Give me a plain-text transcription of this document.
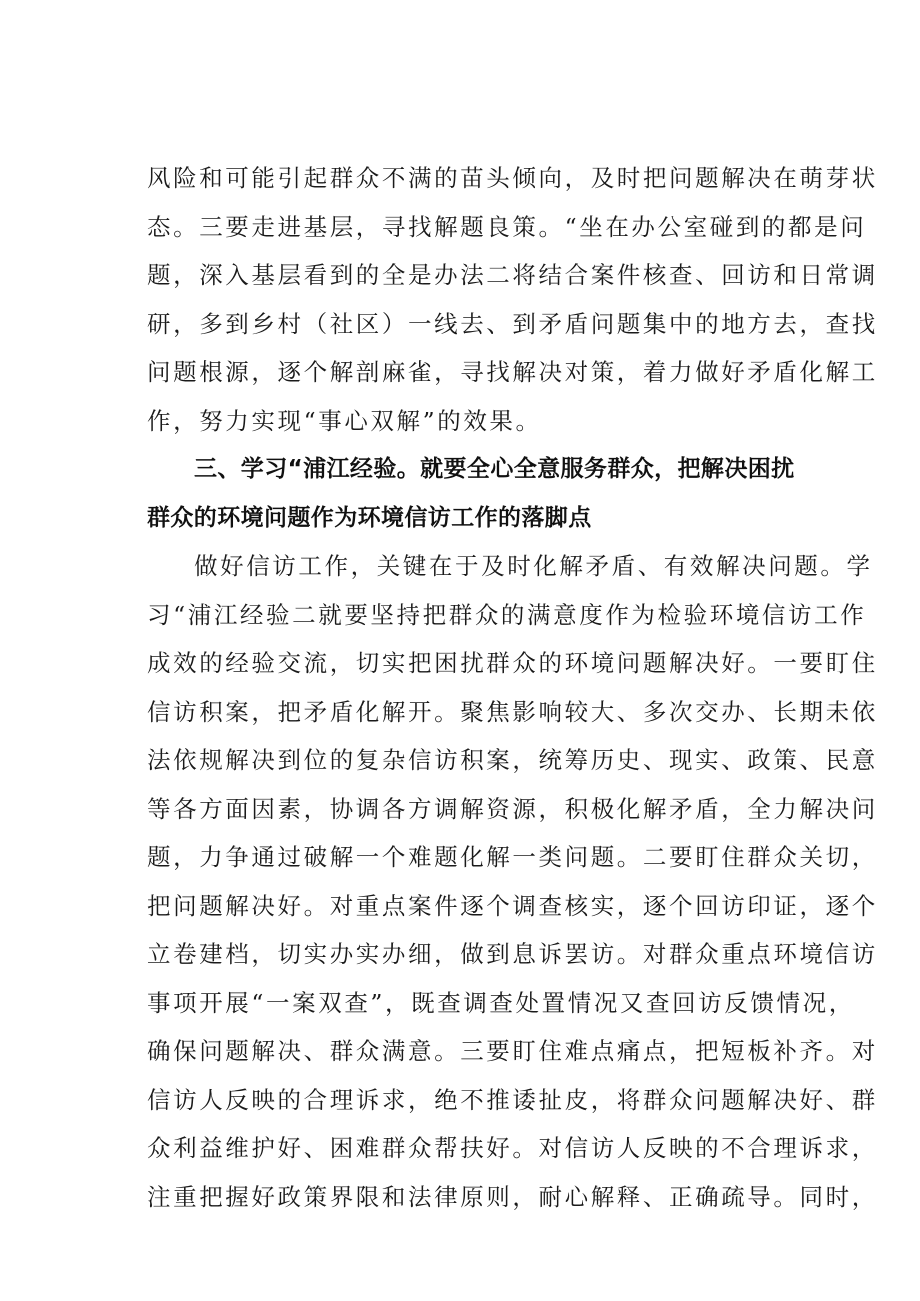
风险和可能引起群众不满的苗头倾向，及时把问题解决在萌芽状
态。三要走进基层，寻找解题良策。“坐在办公室碰到的都是问
题，深入基层看到的全是办法二将结合案件核查、回访和日常调
研，多到乡村（社区）一线去、到矛盾问题集中的地方去，查找
问题根源，逐个解剖麻雀，寻找解决对策，着力做好矛盾化解工
作，努力实现“事心双解”的效果。
三、学习“浦江经验。就要全心全意服务群众，把解决困扰
群众的环境问题作为环境信访工作的落脚点
做好信访工作，关键在于及时化解矛盾、有效解决问题。学
习“浦江经验二就要坚持把群众的满意度作为检验环境信访工作
成效的经验交流，切实把困扰群众的环境问题解决好。一要盯住
信访积案，把矛盾化解开。聚焦影响较大、多次交办、长期未依
法依规解决到位的复杂信访积案，统筹历史、现实、政策、民意
等各方面因素，协调各方调解资源，积极化解矛盾，全力解决问
题，力争通过破解一个难题化解一类问题。二要盯住群众关切，
把问题解决好。对重点案件逐个调查核实，逐个回访印证，逐个
立卷建档，切实办实办细，做到息诉罢访。对群众重点环境信访
事项开展“一案双查”，既查调查处置情况又查回访反馈情况，
确保问题解决、群众满意。三要盯住难点痛点，把短板补齐。对
信访人反映的合理诉求，绝不推诿扯皮，将群众问题解决好、群
众利益维护好、困难群众帮扶好。对信访人反映的不合理诉求，
注重把握好政策界限和法律原则，耐心解释、正确疏导。同时，
